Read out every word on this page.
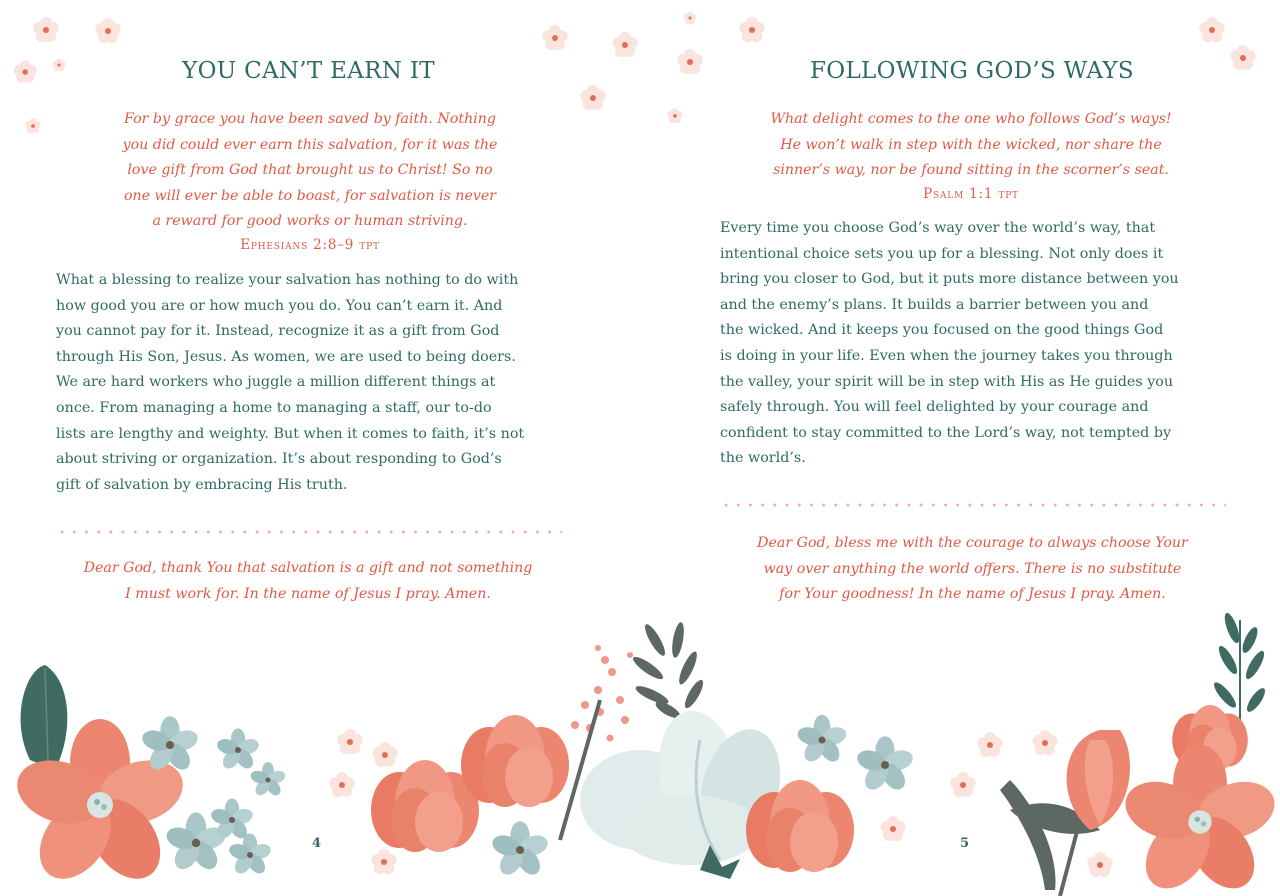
YOU CAN’T EARN IT
For by grace you have been saved by faith. Nothing
you did could ever earn this salvation, for it was the
love gift from God that brought us to Christ! So no
one will ever be able to boast, for salvation is never
a reward for good works or human striving.
Ephesians 2:8–9 tpt
What a blessing to realize your salvation has nothing to do with
how good you are or how much you do. You can’t earn it. And
you cannot pay for it. Instead, recognize it as a gift from God
through His Son, Jesus. As women, we are used to being doers.
We are hard workers who juggle a million different things at
once. From managing a home to managing a staff, our to-do
lists are lengthy and weighty. But when it comes to faith, it’s not
about striving or organization. It’s about responding to God’s
gift of salvation by embracing His truth.
Dear God, thank You that salvation is a gift and not something
I must work for. In the name of Jesus I pray. Amen.
4
FOLLOWING GOD’S WAYS
What delight comes to the one who follows God’s ways!
He won’t walk in step with the wicked, nor share the
sinner’s way, nor be found sitting in the scorner’s seat.
Psalm 1:1 tpt
Every time you choose God’s way over the world’s way, that
intentional choice sets you up for a blessing. Not only does it
bring you closer to God, but it puts more distance between you
and the enemy’s plans. It builds a barrier between you and
the wicked. And it keeps you focused on the good things God
is doing in your life. Even when the journey takes you through
the valley, your spirit will be in step with His as He guides you
safely through. You will feel delighted by your courage and
confident to stay committed to the Lord’s way, not tempted by
the world’s.
Dear God, bless me with the courage to always choose Your
way over anything the world offers. There is no substitute
for Your goodness! In the name of Jesus I pray. Amen.
5
